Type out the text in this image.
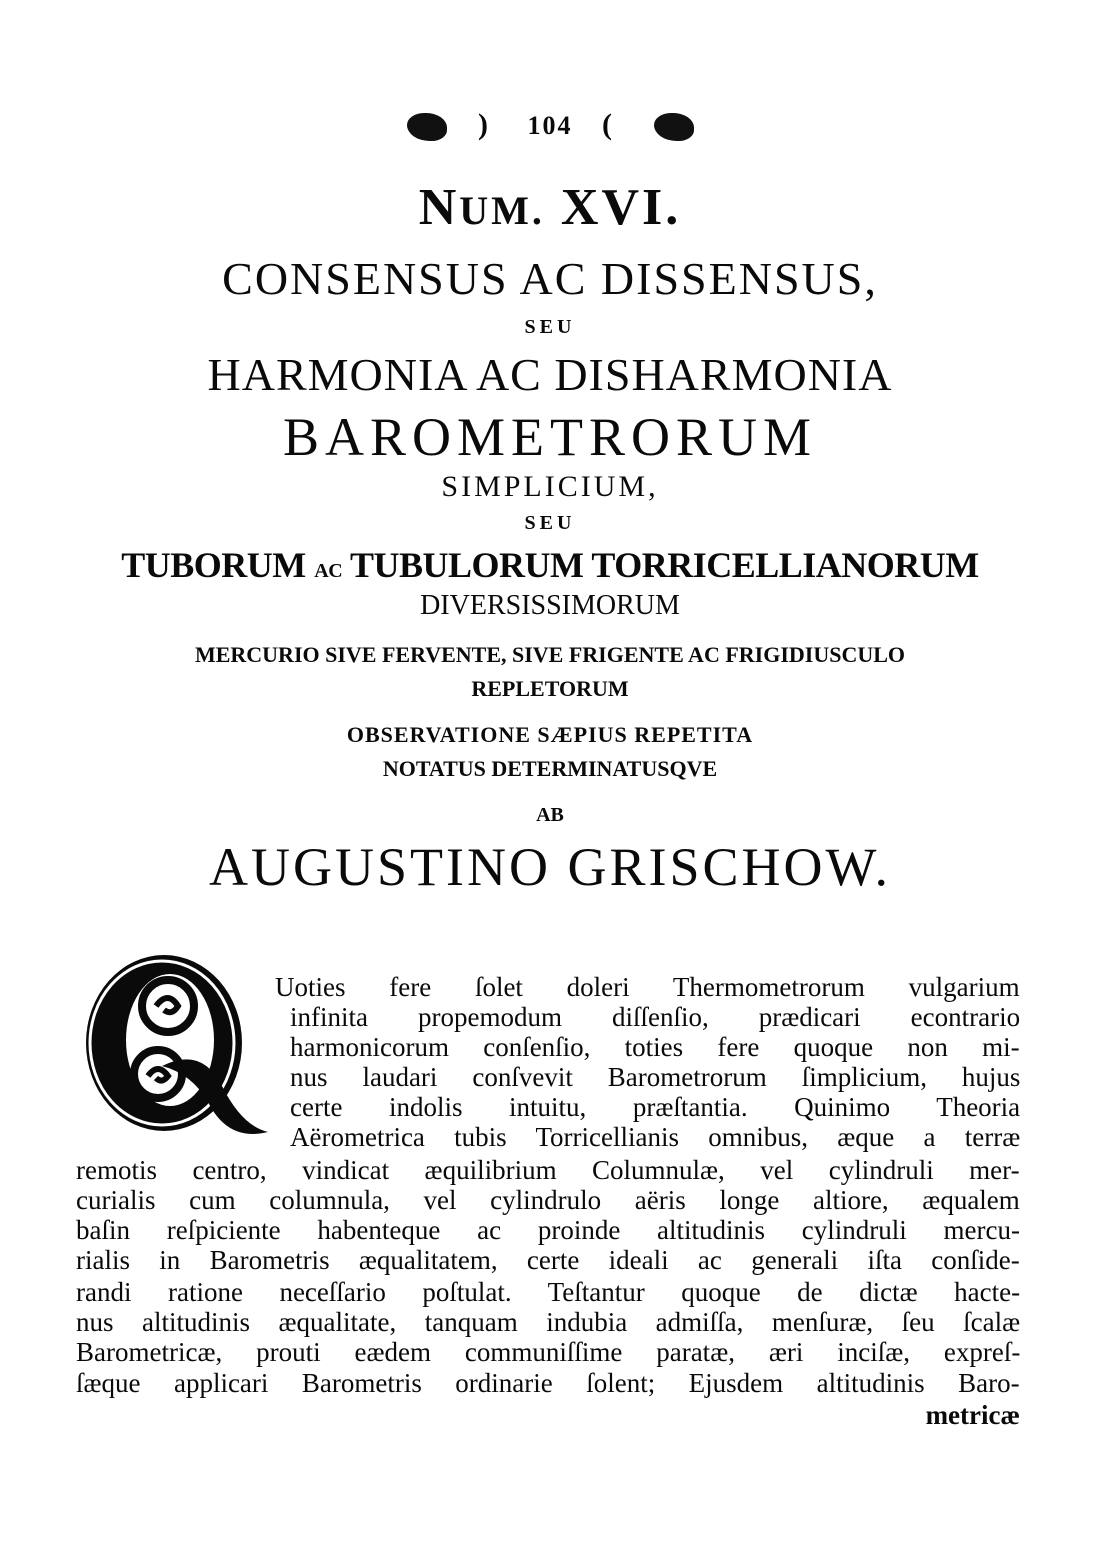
) 104 (
NUM. XVI.
CONSENSUS AC DISSENSUS,
SEU
HARMONIA AC DISHARMONIA
BAROMETRORUM
SIMPLICIUM,
SEU
TUBORUM AC TUBULORUM TORRICELLIANORUM
DIVERSISSIMORUM
MERCURIO SIVE FERVENTE, SIVE FRIGENTE AC FRIGIDIUSCULO
REPLETORUM
OBSERVATIONE SÆPIUS REPETITA
NOTATUS DETERMINATUSQVE
AB
AUGUSTINO GRISCHOW.
Uoties fere ſolet doleri Thermometrorum vulgarium
infinita propemodum diſſenſio, prædicari econtrario
harmonicorum conſenſio, toties fere quoque non mi-
nus laudari conſvevit Barometrorum ſimplicium, hujus
certe indolis intuitu, præſtantia. Quinimo Theoria
Aërometrica tubis Torricellianis omnibus, æque a terræ
remotis centro, vindicat æquilibrium Columnulæ, vel cylindruli mer-
curialis cum columnula, vel cylindrulo aëris longe altiore, æqualem
baſin reſpiciente habenteque ac proinde altitudinis cylindruli mercu-
rialis in Barometris æqualitatem, certe ideali ac generali iſta conſide-
randi ratione neceſſario poſtulat. Teſtantur quoque de dictæ hacte-
nus altitudinis æqualitate, tanquam indubia admiſſa, menſuræ, ſeu ſcalæ
Barometricæ, prouti eædem communiſſime paratæ, æri inciſæ, expreſ-
ſæque applicari Barometris ordinarie ſolent; Ejusdem altitudinis Baro-
metricæ
